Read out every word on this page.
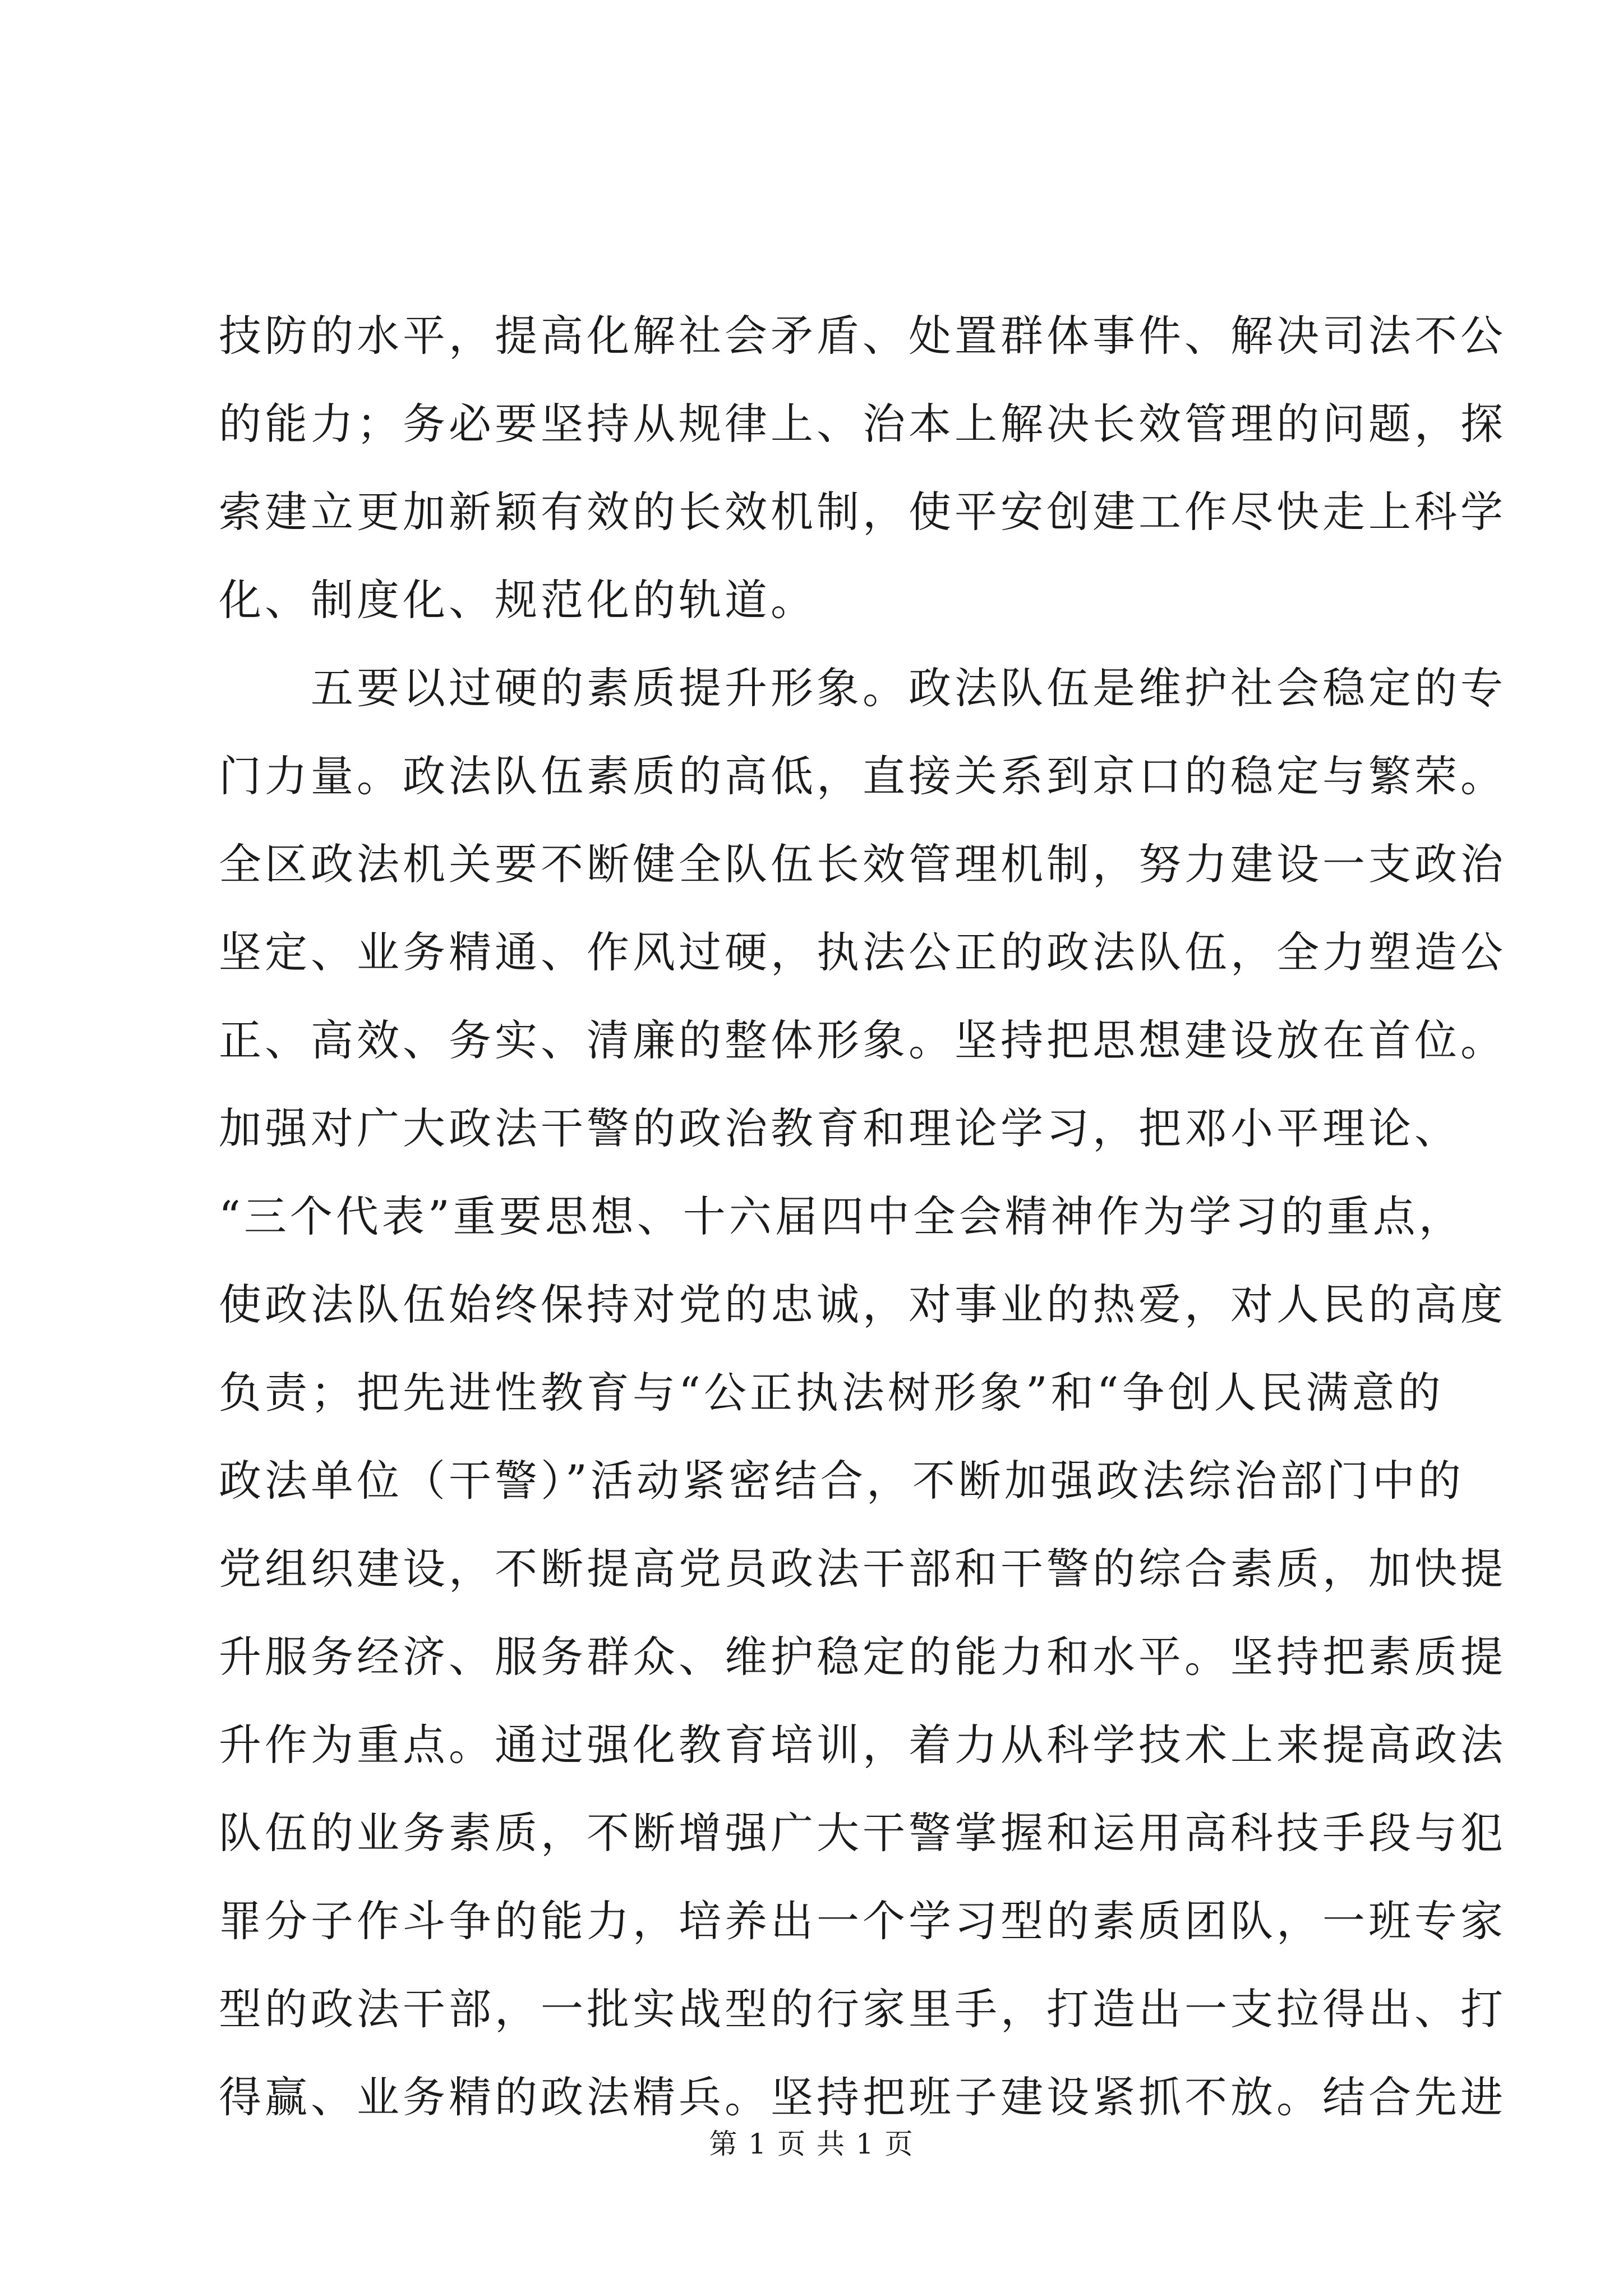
技防的水平，提高化解社会矛盾、处置群体事件、解决司法不公
的能力；务必要坚持从规律上、治本上解决长效管理的问题，探
索建立更加新颖有效的长效机制，使平安创建工作尽快走上科学
化、制度化、规范化的轨道。
五要以过硬的素质提升形象。政法队伍是维护社会稳定的专
门力量。政法队伍素质的高低，直接关系到京口的稳定与繁荣。
全区政法机关要不断健全队伍长效管理机制，努力建设一支政治
坚定、业务精通、作风过硬，执法公正的政法队伍，全力塑造公
正、高效、务实、清廉的整体形象。坚持把思想建设放在首位。
加强对广大政法干警的政治教育和理论学习，把邓小平理论、
“三个代表”重要思想、十六届四中全会精神作为学习的重点，
使政法队伍始终保持对党的忠诚，对事业的热爱，对人民的高度
负责；把先进性教育与“公正执法树形象”和“争创人民满意的
政法单位（干警）”活动紧密结合，不断加强政法综治部门中的
党组织建设，不断提高党员政法干部和干警的综合素质，加快提
升服务经济、服务群众、维护稳定的能力和水平。坚持把素质提
升作为重点。通过强化教育培训，着力从科学技术上来提高政法
队伍的业务素质，不断增强广大干警掌握和运用高科技手段与犯
罪分子作斗争的能力，培养出一个学习型的素质团队，一班专家
型的政法干部，一批实战型的行家里手，打造出一支拉得出、打
得赢、业务精的政法精兵。坚持把班子建设紧抓不放。结合先进
第 1 页 共 1 页
